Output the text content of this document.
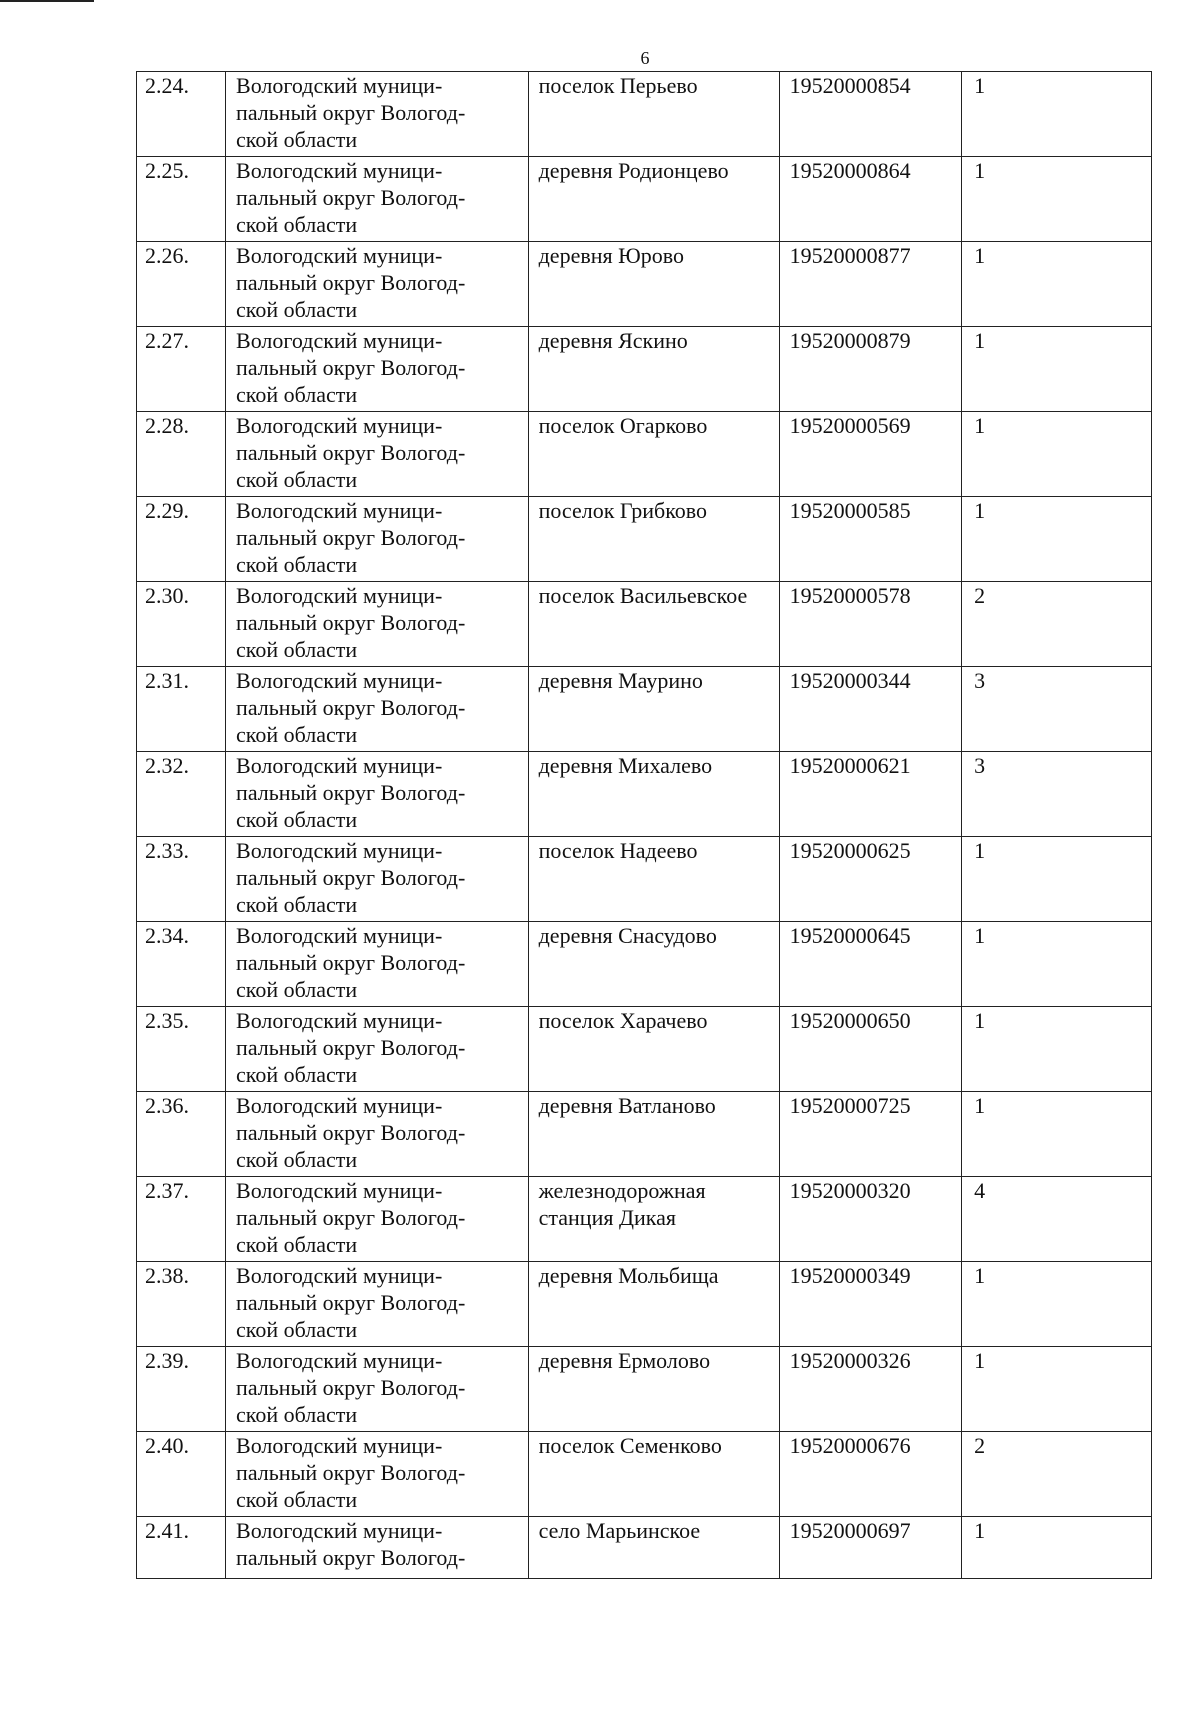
6
2.24.	Вологодский муници-
пальный округ Вологод-
ской области	поселок Перьево	19520000854	1
2.25.	Вологодский муници-
пальный округ Вологод-
ской области	деревня Родионцево	19520000864	1
2.26.	Вологодский муници-
пальный округ Вологод-
ской области	деревня Юрово	19520000877	1
2.27.	Вологодский муници-
пальный округ Вологод-
ской области	деревня Яскино	19520000879	1
2.28.	Вологодский муници-
пальный округ Вологод-
ской области	поселок Огарково	19520000569	1
2.29.	Вологодский муници-
пальный округ Вологод-
ской области	поселок Грибково	19520000585	1
2.30.	Вологодский муници-
пальный округ Вологод-
ской области	поселок Васильевское	19520000578	2
2.31.	Вологодский муници-
пальный округ Вологод-
ской области	деревня Маурино	19520000344	3
2.32.	Вологодский муници-
пальный округ Вологод-
ской области	деревня Михалево	19520000621	3
2.33.	Вологодский муници-
пальный округ Вологод-
ской области	поселок Надеево	19520000625	1
2.34.	Вологодский муници-
пальный округ Вологод-
ской области	деревня Снасудово	19520000645	1
2.35.	Вологодский муници-
пальный округ Вологод-
ской области	поселок Харачево	19520000650	1
2.36.	Вологодский муници-
пальный округ Вологод-
ской области	деревня Ватланово	19520000725	1
2.37.	Вологодский муници-
пальный округ Вологод-
ской области	железнодорожная
станция Дикая	19520000320	4
2.38.	Вологодский муници-
пальный округ Вологод-
ской области	деревня Мольбища	19520000349	1
2.39.	Вологодский муници-
пальный округ Вологод-
ской области	деревня Ермолово	19520000326	1
2.40.	Вологодский муници-
пальный округ Вологод-
ской области	поселок Семенково	19520000676	2
2.41.	Вологодский муници-
пальный округ Вологод-	село Марьинское	19520000697	1
